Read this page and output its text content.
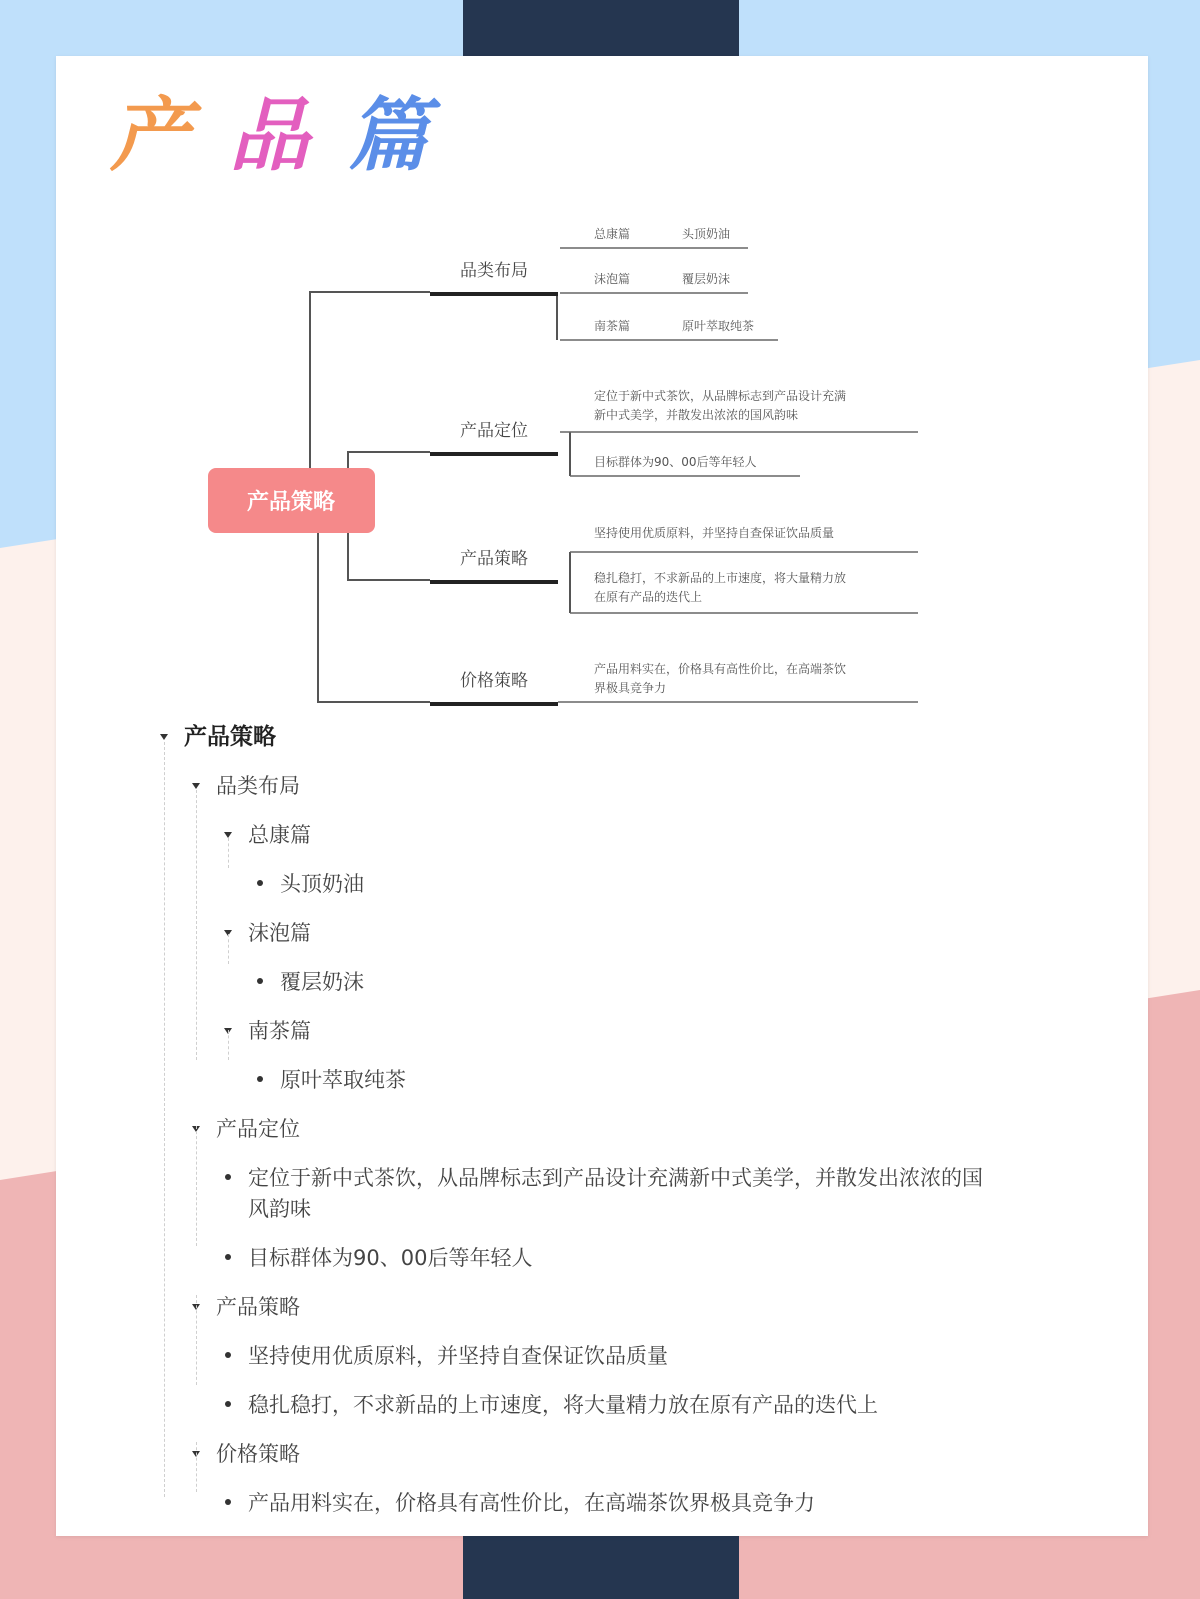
产 品 篇
产品策略
品类布局
产品定位
产品策略
价格策略
总康篇	头顶奶油
沫泡篇	覆层奶沫
南茶篇	原叶萃取纯茶
定位于新中式茶饮，从品牌标志到产品设计充满
新中式美学，并散发出浓浓的国风韵味
目标群体为90、00后等年轻人
坚持使用优质原料，并坚持自查保证饮品质量
稳扎稳打，不求新品的上市速度，将大量精力放
在原有产品的迭代上
产品用料实在，价格具有高性价比，在高端茶饮
界极具竞争力
产品策略
品类布局
总康篇
头顶奶油
沫泡篇
覆层奶沫
南茶篇
原叶萃取纯茶
产品定位
定位于新中式茶饮，从品牌标志到产品设计充满新中式美学，并散发出浓浓的国
风韵味
目标群体为90、00后等年轻人
产品策略
坚持使用优质原料，并坚持自查保证饮品质量
稳扎稳打，不求新品的上市速度，将大量精力放在原有产品的迭代上
价格策略
产品用料实在，价格具有高性价比，在高端茶饮界极具竞争力
